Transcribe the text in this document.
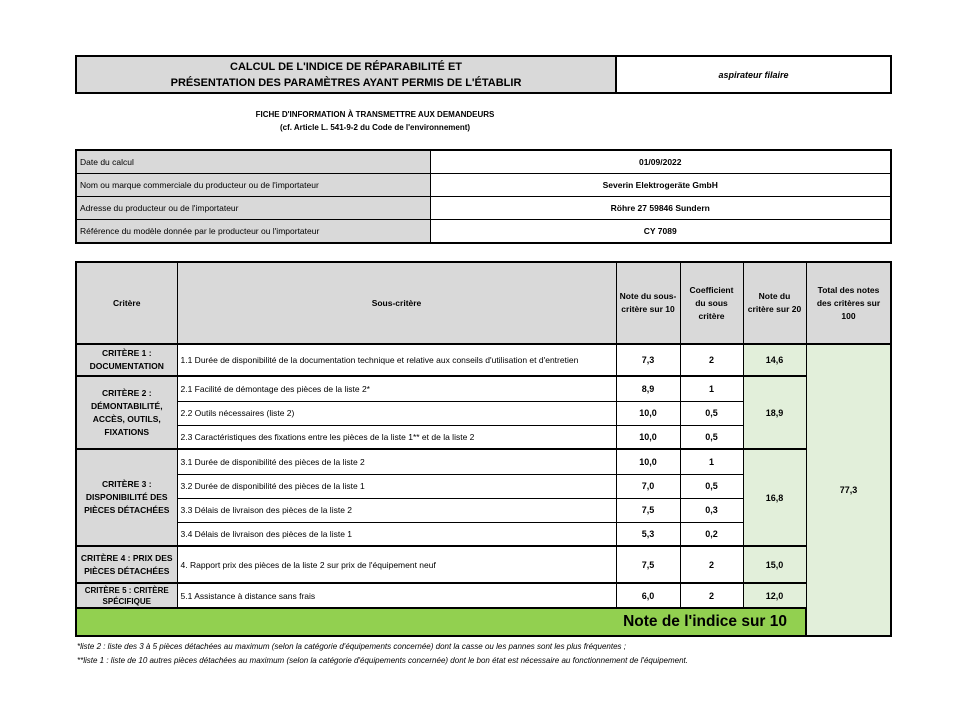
CALCUL DE L'INDICE DE RÉPARABILITÉ ET
PRÉSENTATION DES PARAMÈTRES AYANT PERMIS DE L'ÉTABLIR
	aspirateur filaire
FICHE D'INFORMATION À TRANSMETTRE AUX DEMANDEURS
(cf. Article L. 541-9-2 du Code de l'environnement)
Date du calcul	01/09/2022
Nom ou marque commerciale du producteur ou de l'importateur	Severin Elektrogeräte GmbH
Adresse du producteur ou de l'importateur	Röhre 27 59846 Sundern
Référence du modèle donnée par le producteur ou l'importateur	CY 7089
Critère	Sous-critère	Note du sous-critère sur 10	Coefficient du sous critère	Note du critère sur 20	Total des notes des critères sur 100	
CRITÈRE 1 : DOCUMENTATION	1.1 Durée de disponibilité de la documentation technique et relative aux conseils d'utilisation et d'entretien	7,3	2	14,6	77,3	
CRITÈRE 2 : DÉMONTABILITÉ, ACCÈS, OUTILS, FIXATIONS	2.1 Facilité de démontage des pièces de la liste 2*	8,9	1	18,9		
	2.2 Outils nécessaires (liste 2)	10,0	0,5			
	2.3 Caractéristiques des fixations entre les pièces de la liste 1** et de la liste 2	10,0	0,5			
CRITÈRE 3 : DISPONIBILITÉ DES PIÈCES DÉTACHÉES	3.1 Durée de disponibilité des pièces de la liste 2	10,0	1	16,8		
	3.2 Durée de disponibilité des pièces de la liste 1	7,0	0,5			
	3.3 Délais de livraison des pièces de la liste 2	7,5	0,3			
	3.4 Délais de livraison des pièces de la liste 1	5,3	0,2			
CRITÈRE 4 : PRIX DES PIÈCES DÉTACHÉES	4. Rapport prix des pièces de la liste 2 sur prix de l'équipement neuf	7,5	2	15,0		
CRITÈRE 5 : CRITÈRE SPÉCIFIQUE	5.1 Assistance à distance sans frais	6,0	2	12,0		
Note de l'indice sur 10	
*liste 2 : liste des 3 à 5 pièces détachées au maximum (selon la catégorie d'équipements concernée) dont la casse ou les pannes sont les plus fréquentes ;
**liste 1 : liste de 10 autres pièces détachées au maximum (selon la catégorie d'équipements concernée) dont le bon état est nécessaire au fonctionnement de l'équipement.
